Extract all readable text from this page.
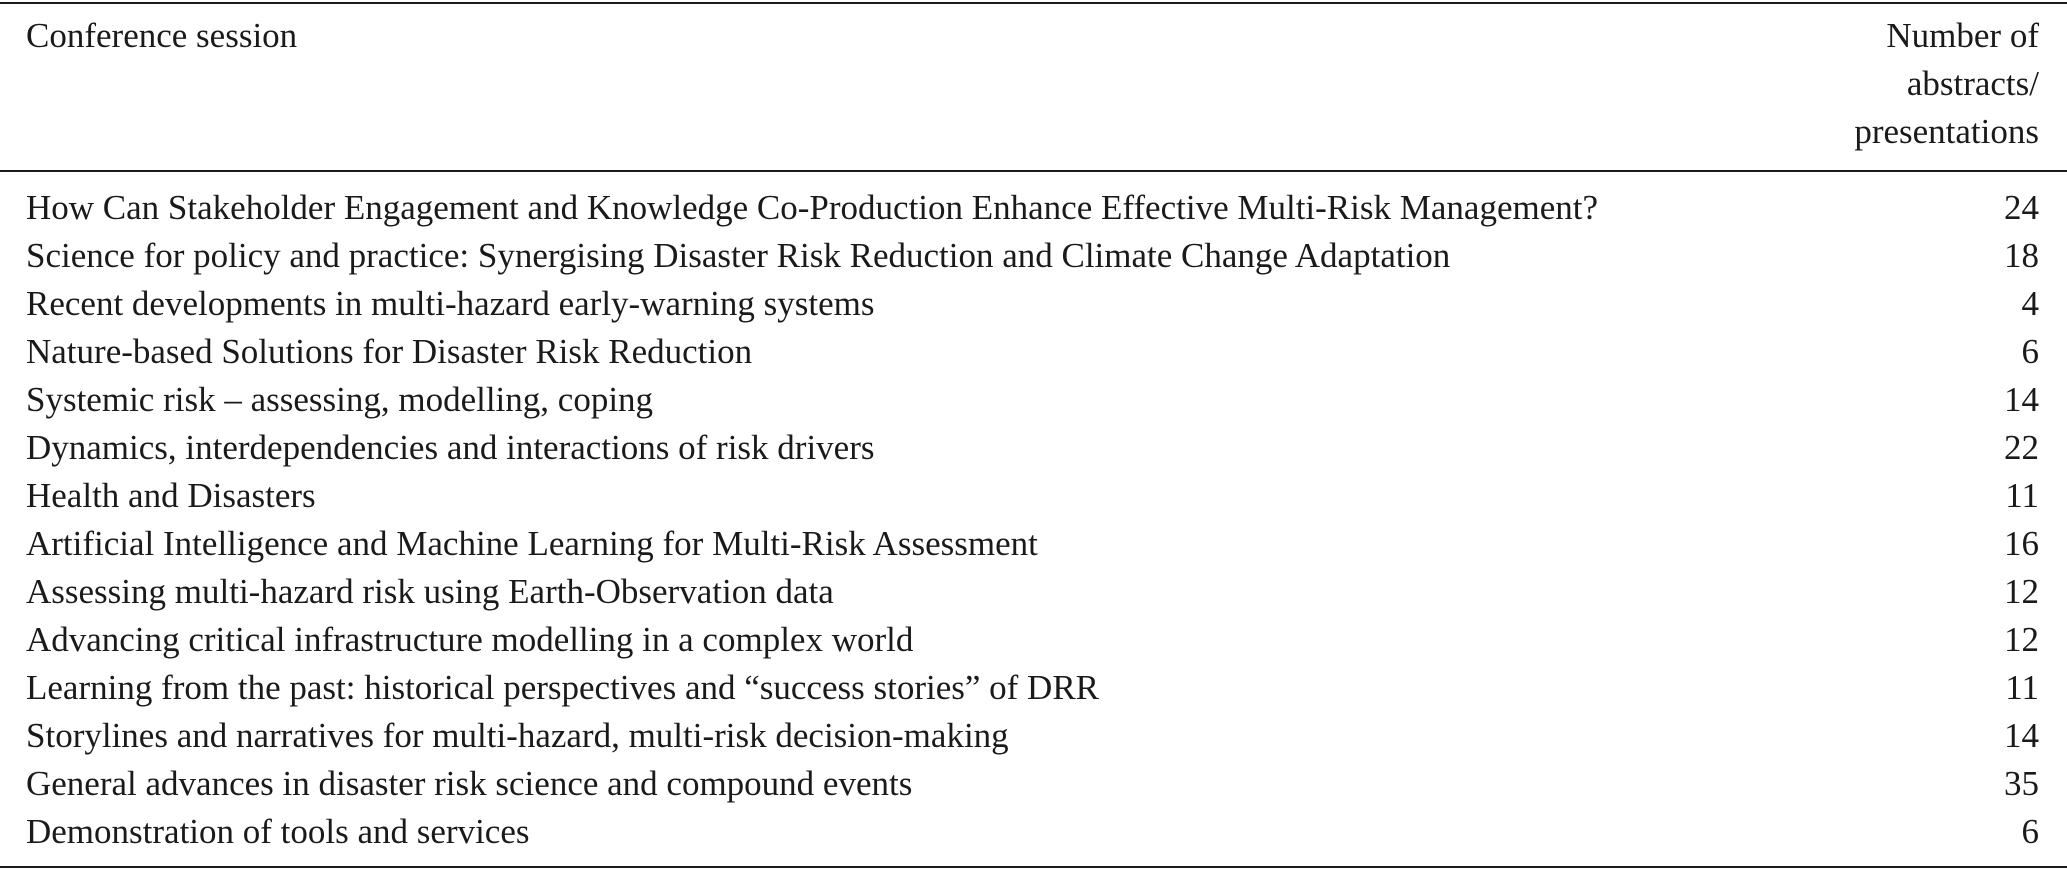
Conference session	Number of
abstracts/
presentations
How Can Stakeholder Engagement and Knowledge Co-Production Enhance Effective Multi-Risk Management?	24
Science for policy and practice: Synergising Disaster Risk Reduction and Climate Change Adaptation	18
Recent developments in multi-hazard early-warning systems	4
Nature-based Solutions for Disaster Risk Reduction	6
Systemic risk – assessing, modelling, coping	14
Dynamics, interdependencies and interactions of risk drivers	22
Health and Disasters	11
Artificial Intelligence and Machine Learning for Multi-Risk Assessment	16
Assessing multi-hazard risk using Earth-Observation data	12
Advancing critical infrastructure modelling in a complex world	12
Learning from the past: historical perspectives and “success stories” of DRR	11
Storylines and narratives for multi-hazard, multi-risk decision-making	14
General advances in disaster risk science and compound events	35
Demonstration of tools and services	6
